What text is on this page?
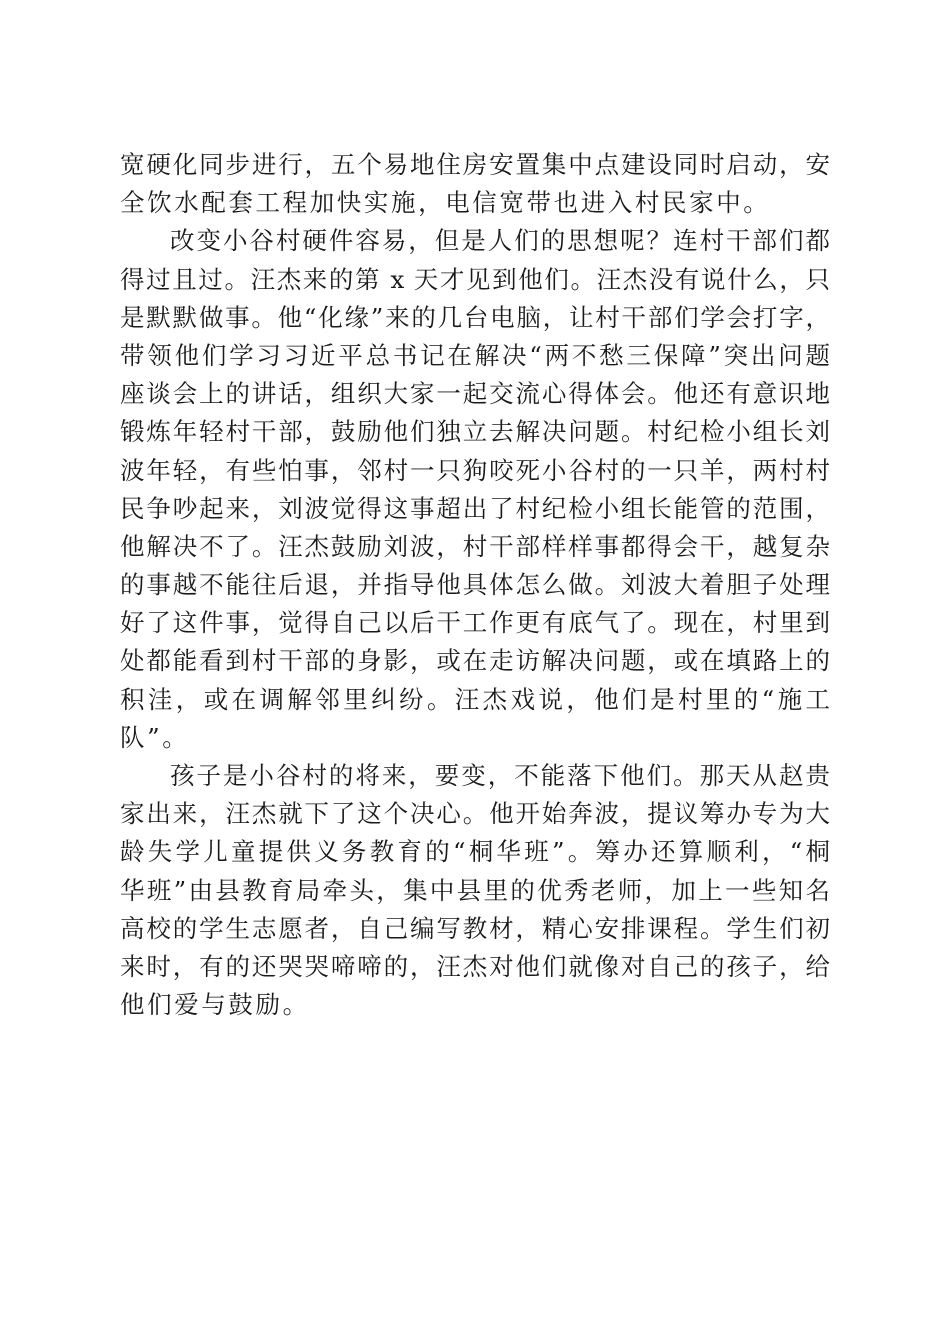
宽硬化同步进行，五个易地住房安置集中点建设同时启动，安
全饮水配套工程加快实施，电信宽带也进入村民家中。
改变小谷村硬件容易，但是人们的思想呢？连村干部们都
得过且过。汪杰来的第 x 天才见到他们。汪杰没有说什么，只
是默默做事。他“化缘”来的几台电脑，让村干部们学会打字，
带领他们学习习近平总书记在解决“两不愁三保障”突出问题
座谈会上的讲话，组织大家一起交流心得体会。他还有意识地
锻炼年轻村干部，鼓励他们独立去解决问题。村纪检小组长刘
波年轻，有些怕事，邻村一只狗咬死小谷村的一只羊，两村村
民争吵起来，刘波觉得这事超出了村纪检小组长能管的范围，
他解决不了。汪杰鼓励刘波，村干部样样事都得会干，越复杂
的事越不能往后退，并指导他具体怎么做。刘波大着胆子处理
好了这件事，觉得自己以后干工作更有底气了。现在，村里到
处都能看到村干部的身影，或在走访解决问题，或在填路上的
积洼，或在调解邻里纠纷。汪杰戏说，他们是村里的“施工
队”。
孩子是小谷村的将来，要变，不能落下他们。那天从赵贵
家出来，汪杰就下了这个决心。他开始奔波，提议筹办专为大
龄失学儿童提供义务教育的“桐华班”。筹办还算顺利，“桐
华班”由县教育局牵头，集中县里的优秀老师，加上一些知名
高校的学生志愿者，自己编写教材，精心安排课程。学生们初
来时，有的还哭哭啼啼的，汪杰对他们就像对自己的孩子，给
他们爱与鼓励。
